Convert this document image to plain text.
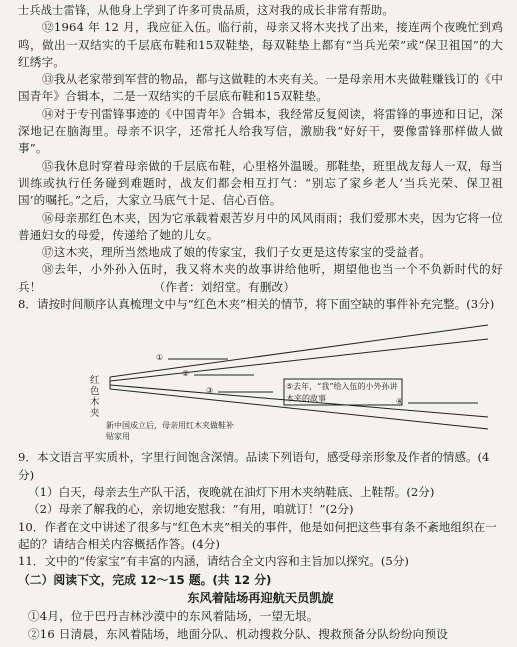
士兵战士雷锋，从他身上学到了许多可贵品质，这对我的成长非常有帮助。

⑫1964 年 12 月，我应征入伍。临行前，母亲又将木夹找了出来，接连两个夜晚忙到鸡鸣，做出一双结实的千层底布鞋和15双鞋垫，每双鞋垫上都有“当兵光荣”或“保卫祖国”的大红绣字。

⑬我从老家带到军营的物品，都与这做鞋的木夹有关。一是母亲用木夹做鞋赚钱订的《中国青年》合辑本，二是一双结实的千层底布鞋和15双鞋垫。

⑭对于专刊雷锋事迹的《中国青年》合辑本，我经常反复阅读，将雷锋的事迹和日记，深深地记在脑海里。母亲不识字，还常托人给我写信，激励我“好好干，要像雷锋那样做人做事”。

⑮我休息时穿着母亲做的千层底布鞋，心里格外温暖。那鞋垫，班里战友每人一双，每当训练或执行任务碰到难题时，战友们都会相互打气：“别忘了家乡老人‘当兵光荣、保卫祖国’的嘱托。”之后，大家立马底气十足、信心百倍。

⑯母亲那红色木夹，因为它承载着艰苦岁月中的风风雨雨；我们爱那木夹，因为它将一位普通妇女的母爱，传递给了她的儿女。

⑰这木夹，理所当然地成了娘的传家宝，我们子女更是这传家宝的受益者。

⑱去年，小外孙入伍时，我又将木夹的故事讲给他听，期望他也当一个不负新时代的好兵！	（作者：刘绍堂。有删改）

8．请按时间顺序认真梳理文中与“红色木夹”相关的情节，将下面空缺的事件补充完整。(3分)

红色木夹
①
②
③
④
⑤去年，“我”给入伍的小外孙讲木夹的故事
新中国成立后，母亲用红木夹做鞋补贴家用

9．本文语言平实质朴，字里行间饱含深情。品读下列语句，感受母亲形象及作者的情感。(4分)

（1）白天，母亲去生产队干活，夜晚就在油灯下用木夹纳鞋底、上鞋帮。(2分)

（2）母亲了解我的心，亲切地安慰我：“有用，咱就订！”(2分)

10．作者在文中讲述了很多与“红色木夹”相关的事件，他是如何把这些事有条不紊地组织在一起的？请结合相关内容概括作答。(4分)

11．文中的“传家宝”有丰富的内涵，请结合全文内容和主旨加以探究。(5分)

（二）阅读下文，完成 12～15 题。(共 12 分)

东风着陆场再迎航天员凯旋

①4月，位于巴丹吉林沙漠中的东风着陆场，一望无垠。

②16 日清晨，东风着陆场，地面分队、机动搜救分队、搜救预备分队纷纷向预设
